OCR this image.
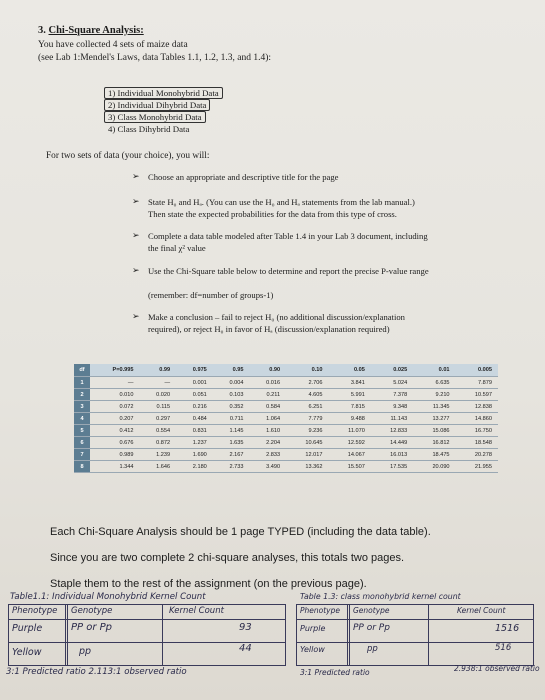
3. Chi-Square Analysis:
You have collected 4 sets of maize data
(see Lab 1:Mendel's Laws, data Tables 1.1, 1.2, 1.3, and 1.4):
1) Individual Monohybrid Data
2) Individual Dihybrid Data
3) Class Monohybrid Data
4) Class Dihybrid Data
For two sets of data (your choice), you will:
➢ Choose an appropriate and descriptive title for the page
➢ State H₀ and Hₐ. (You can use the H₀ and Hₐ statements from the lab manual.)
Then state the expected probabilities for the data from this type of cross.
➢ Complete a data table modeled after Table 1.4 in your Lab 3 document, including
the final χ² value
➢ Use the Chi-Square table below to determine and report the precise P-value range
(remember: df=number of groups-1)
➢ Make a conclusion – fail to reject H₀ (no additional discussion/explanation
required), or reject H₀ in favor of Hₐ (discussion/explanation required)
df	P=0.995	0.99	0.975	0.95	0.90	0.10	0.05	0.025	0.01	0.005
1	—	—	0.001	0.004	0.016	2.706	3.841	5.024	6.635	7.879
2	0.010	0.020	0.051	0.103	0.211	4.605	5.991	7.378	9.210	10.597
3	0.072	0.115	0.216	0.352	0.584	6.251	7.815	9.348	11.345	12.838
4	0.207	0.297	0.484	0.711	1.064	7.779	9.488	11.143	13.277	14.860
5	0.412	0.554	0.831	1.145	1.610	9.236	11.070	12.833	15.086	16.750
6	0.676	0.872	1.237	1.635	2.204	10.645	12.592	14.449	16.812	18.548
7	0.989	1.239	1.690	2.167	2.833	12.017	14.067	16.013	18.475	20.278
8	1.344	1.646	2.180	2.733	3.490	13.362	15.507	17.535	20.090	21.955
Each Chi-Square Analysis should be 1 page TYPED (including the data table).
Since you are two complete 2 chi-square analyses, this totals two pages.
Staple them to the rest of the assignment (on the previous page).
Table1.1: Individual Monohybrid Kernel Count
Phenotype Genotype	Kernel Count
Purple	PP or Pp	93
Yellow	pp	44
3:1 Predicted ratio 2.113:1 observed ratio
Table 1.3: class monohybrid kernel count
Phenotype Genotype	Kernel Count
Purple	PP or Pp	1516
Yellow	pp	516
3:1 Predicted ratio	2.938:1 observed ratio
